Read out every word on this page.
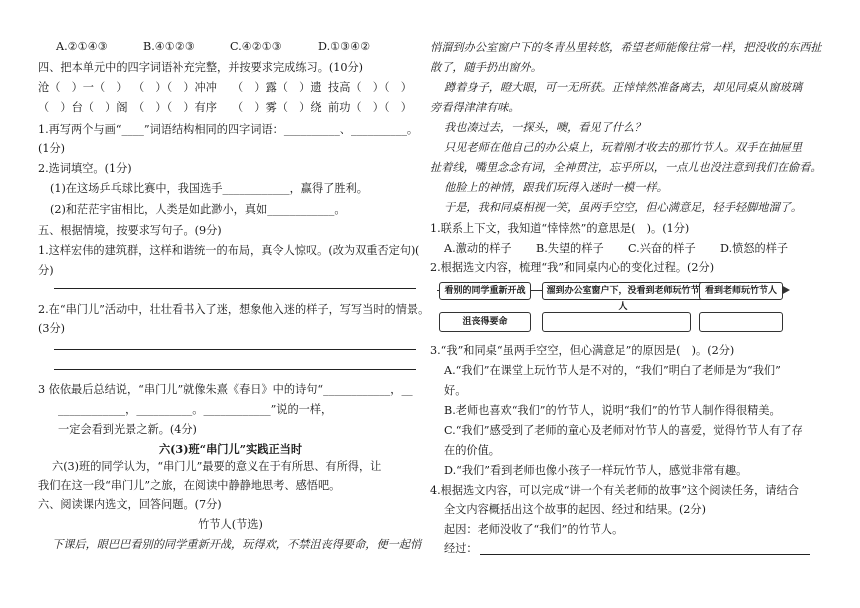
A.②①④③	B.④①②③	C.④②①③	D.①③④②
四、把本单元中的四字词语补充完整，并按要求完成练习。(10分)
沧（　）一（　） （　）（　）冲冲 （　）露（　）遗 技高（　）（　）
（　）台（　）阁 （　）（　）有序 （　）雾（　）绕 前功（　）（　）
1.再写两个与画“____”词语结构相同的四字词语：__________、__________。
(1分)
2.选词填空。(1分)
(1)在这场乒乓球比赛中，我国选手____________，赢得了胜利。
(2)和茫茫宇宙相比，人类是如此渺小，真如____________。
五、根据情境，按要求写句子。(9分)
1.这样宏伟的建筑群，这样和谐统一的布局，真令人惊叹。(改为双重否定句) (
分)
2.在“串门儿”活动中，壮壮看书入了迷，想象他入迷的样子，写写当时的情景。
(3分)
3 依依最后总结说，“串门儿”就像朱熹《春日》中的诗句“____________，__
____________，__________。____________”说的一样，
一定会看到光景之新。(4分)
六(3)班“串门儿”实践正当时
六(3)班的同学认为，“串门儿”最要的意义在于有所思、有所得，让
我们在这一段“串门儿”之旅，在阅读中静静地思考、感悟吧。
六、阅读课内选文，回答问题。(7分)
竹节人(节选)
下课后，眼巴巴看别的同学重新开战，玩得欢，不禁沮丧得要命，便一起悄
悄溜到办公室窗户下的冬青丛里转悠，希望老师能像往常一样，把没收的东西扯
散了，随手扔出窗外。
蹲着身子，瞪大眼，可一无所获。正悻悻然准备离去，却见同桌从窗玻璃
旁看得津津有味。
我也凑过去，一探头，噢，看见了什么？
只见老师在他自己的办公桌上，玩着刚才收去的那竹节人。双手在抽屉里
扯着线，嘴里念念有词，全神贯注，忘乎所以，一点儿也没注意到我们在偷看。
他脸上的神情，跟我们玩得入迷时一模一样。
于是，我和同桌相视一笑，虽两手空空，但心满意足，轻手轻脚地溜了。
1.联系上下文，我知道“悻悻然”的意思是(　)。(1分)
A.激动的样子 B.失望的样子 C.兴奋的样子 D.愤怒的样子
2.根据选文内容，梳理“我”和同桌内心的变化过程。(2分)
看别的同学重新开战	溜到办公室窗户下，没看到老师玩竹节人
看到老师玩竹节人
沮丧得要命
3.“我”和同桌“虽两手空空，但心满意足”的原因是(　)。(2分)
A.“我们”在课堂上玩竹节人是不对的，“我们”明白了老师是为“我们”
好。
B.老师也喜欢“我们”的竹节人，说明“我们”的竹节人制作得很精美。
C.“我们”感受到了老师的童心及老师对竹节人的喜爱，觉得竹节人有了存
在的价值。
D.“我们”看到老师也像小孩子一样玩竹节人，感觉非常有趣。
4.根据选文内容，可以完成“讲一个有关老师的故事”这个阅读任务，请结合
全文内容概括出这个故事的起因、经过和结果。(2分)
起因：老师没收了“我们”的竹节人。
经过：
